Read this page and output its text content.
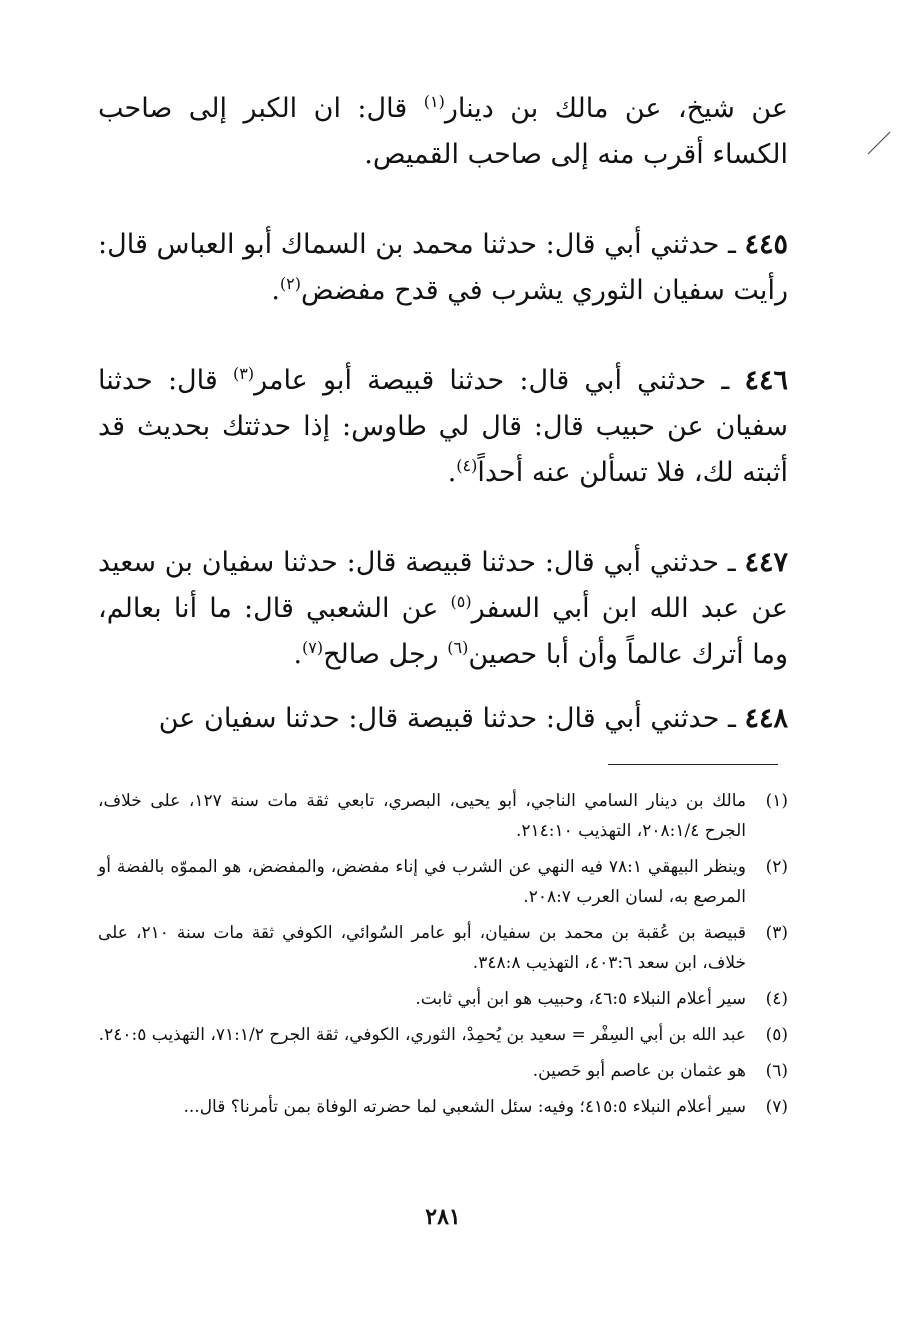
عن شيخ، عن مالك بن دينار$^{(١)}$ قال: ان الكبر إلى صاحب الكساء أقرب منه إلى صاحب القميص.

٤٤٥ ـ حدثني أبي قال: حدثنا محمد بن السماك أبو العباس قال: رأيت سفيان الثوري يشرب في قدح مفضض$^{(٢)}$.

٤٤٦ ـ حدثني أبي قال: حدثنا قبيصة أبو عامر$^{(٣)}$ قال: حدثنا سفيان عن حبيب قال: قال لي طاوس: إذا حدثتك بحديث قد أثبته لك، فلا تسألن عنه أحداً$^{(٤)}$.

٤٤٧ ـ حدثني أبي قال: حدثنا قبيصة قال: حدثنا سفيان بن سعيد عن عبد الله ابن أبي السفر$^{(٥)}$ عن الشعبي قال: ما أنا بعالم، وما أترك عالماً وأن أبا حصين$^{(٦)}$ رجل صالح$^{(٧)}$.

٤٤٨ ـ حدثني أبي قال: حدثنا قبيصة قال: حدثنا سفيان عن

(١)
مالك بن دينار السامي الناجي، أبو يحيى، البصري، تابعي ثقة مات سنة ١٢٧، على خلاف، الجرح ٢٠٨:١/٤، التهذيب ٢١٤:١٠.
(٢)
وينظر البيهقي ٧٨:١ فيه النهي عن الشرب في إناء مفضض، والمفضض، هو المموّه بالفضة أو المرصع به، لسان العرب ٢٠٨:٧.
(٣)
قبيصة بن عُقبة بن محمد بن سفيان، أبو عامر السُوائي، الكوفي ثقة مات سنة ٢١٠، على خلاف، ابن سعد ٤٠٣:٦، التهذيب ٣٤٨:٨.
(٤)
سير أعلام النبلاء ٤٦:٥، وحبيب هو ابن أبي ثابت.
(٥)
عبد الله بن أبي السِفْر = سعيد بن يُحمِدْ، الثوري، الكوفي، ثقة الجرح ٧١:١/٢، التهذيب ٢٤٠:٥.
(٦)
هو عثمان بن عاصم أبو حَصين.
(٧)
سير أعلام النبلاء ٤١٥:٥؛ وفيه: سئل الشعبي لما حضرته الوفاة بمن تأمرنا؟ قال...
٢٨١
